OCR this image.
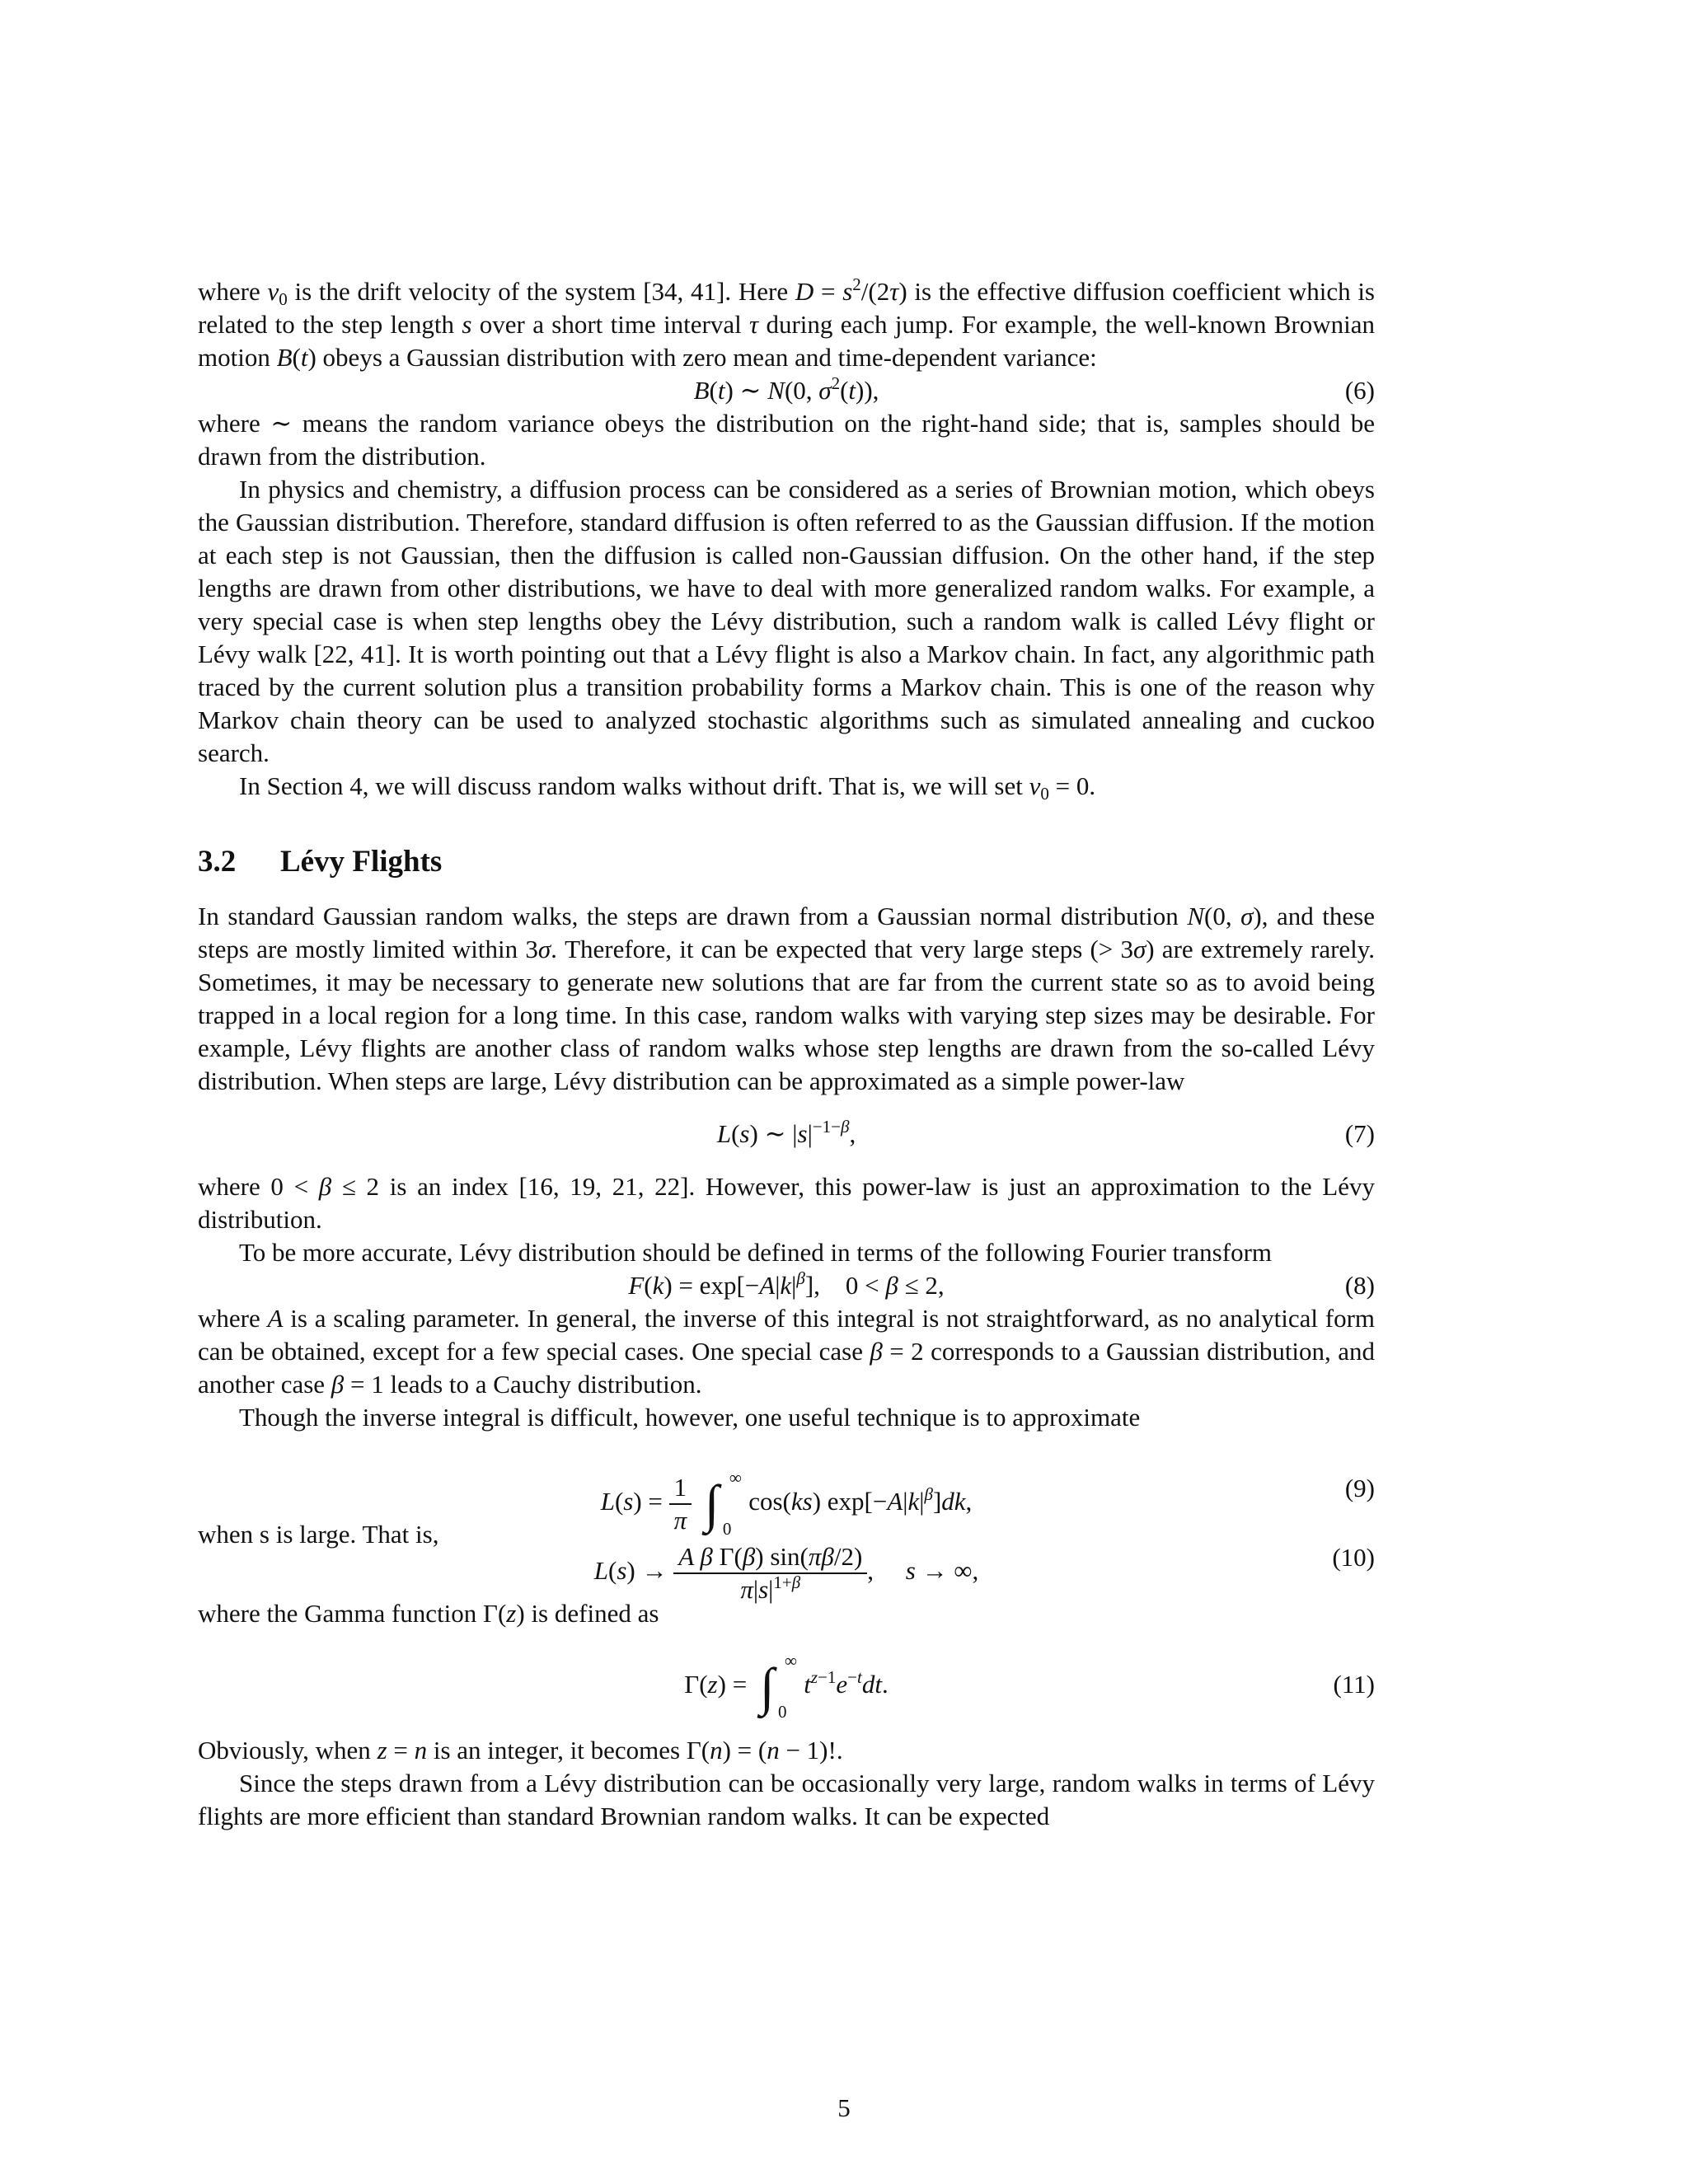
where $v_0$ is the drift velocity of the system [34, 41]. Here $D = s^2/(2\tau)$ is the effective diffusion coefficient which is related to the step length s over a short time interval τ during each jump. For example, the well-known Brownian motion B(t) obeys a Gaussian distribution with zero mean and time-dependent variance:

B(t) ∼ N(0, $\sigma^2(t)$),	(6)

where ∼ means the random variance obeys the distribution on the right-hand side; that is, samples should be drawn from the distribution.

In physics and chemistry, a diffusion process can be considered as a series of Brownian motion, which obeys the Gaussian distribution. Therefore, standard diffusion is often referred to as the Gaussian diffusion. If the motion at each step is not Gaussian, then the diffusion is called non-Gaussian diffusion. On the other hand, if the step lengths are drawn from other distributions, we have to deal with more generalized random walks. For example, a very special case is when step lengths obey the Lévy distribution, such a random walk is called Lévy flight or Lévy walk [22, 41]. It is worth pointing out that a Lévy flight is also a Markov chain. In fact, any algorithmic path traced by the current solution plus a transition probability forms a Markov chain. This is one of the reason why Markov chain theory can be used to analyzed stochastic algorithms such as simulated annealing and cuckoo search.

In Section 4, we will discuss random walks without drift. That is, we will set $v_0 = 0$.

3.2 Lévy Flights

In standard Gaussian random walks, the steps are drawn from a Gaussian normal distribution N(0, σ), and these steps are mostly limited within 3σ. Therefore, it can be expected that very large steps (> 3σ) are extremely rarely. Sometimes, it may be necessary to generate new solutions that are far from the current state so as to avoid being trapped in a local region for a long time. In this case, random walks with varying step sizes may be desirable. For example, Lévy flights are another class of random walks whose step lengths are drawn from the so-called Lévy distribution. When steps are large, Lévy distribution can be approximated as a simple power-law

L(s) ∼ $|s|^{-1-\beta}$,	(7)

where 0 < β ≤ 2 is an index [16, 19, 21, 22]. However, this power-law is just an approximation to the Lévy distribution.

To be more accurate, Lévy distribution should be defined in terms of the following Fourier transform

$F(k) = \exp[-A|k|^\beta]$,    0 < β ≤ 2,	(8)

where A is a scaling parameter. In general, the inverse of this integral is not straightforward, as no analytical form can be obtained, except for a few special cases. One special case β = 2 corresponds to a Gaussian distribution, and another case β = 1 leads to a Cauchy distribution.

Though the inverse integral is difficult, however, one useful technique is to approximate

$L(s) = \frac{1}{\pi}$ ∫ ∞
0
cos(ks) $\exp[-A|k|^\beta]dk$,	(9)
$L(s) \to \frac{\text{A β Γ(β) sin(πβ/2)}}{\pi|s|^{1+\beta}}$ ,     s → ∞,	(10)
when s is large. That is,

where the Gamma function Γ(z) is defined as

Γ(z) = ∫ ∞
0
$t^{z-1}e^{-t}dt$.	(11)

Obviously, when z = n is an integer, it becomes Γ(n) = (n − 1)!.

Since the steps drawn from a Lévy distribution can be occasionally very large, random walks in terms of Lévy flights are more efficient than standard Brownian random walks. It can be expected

5
